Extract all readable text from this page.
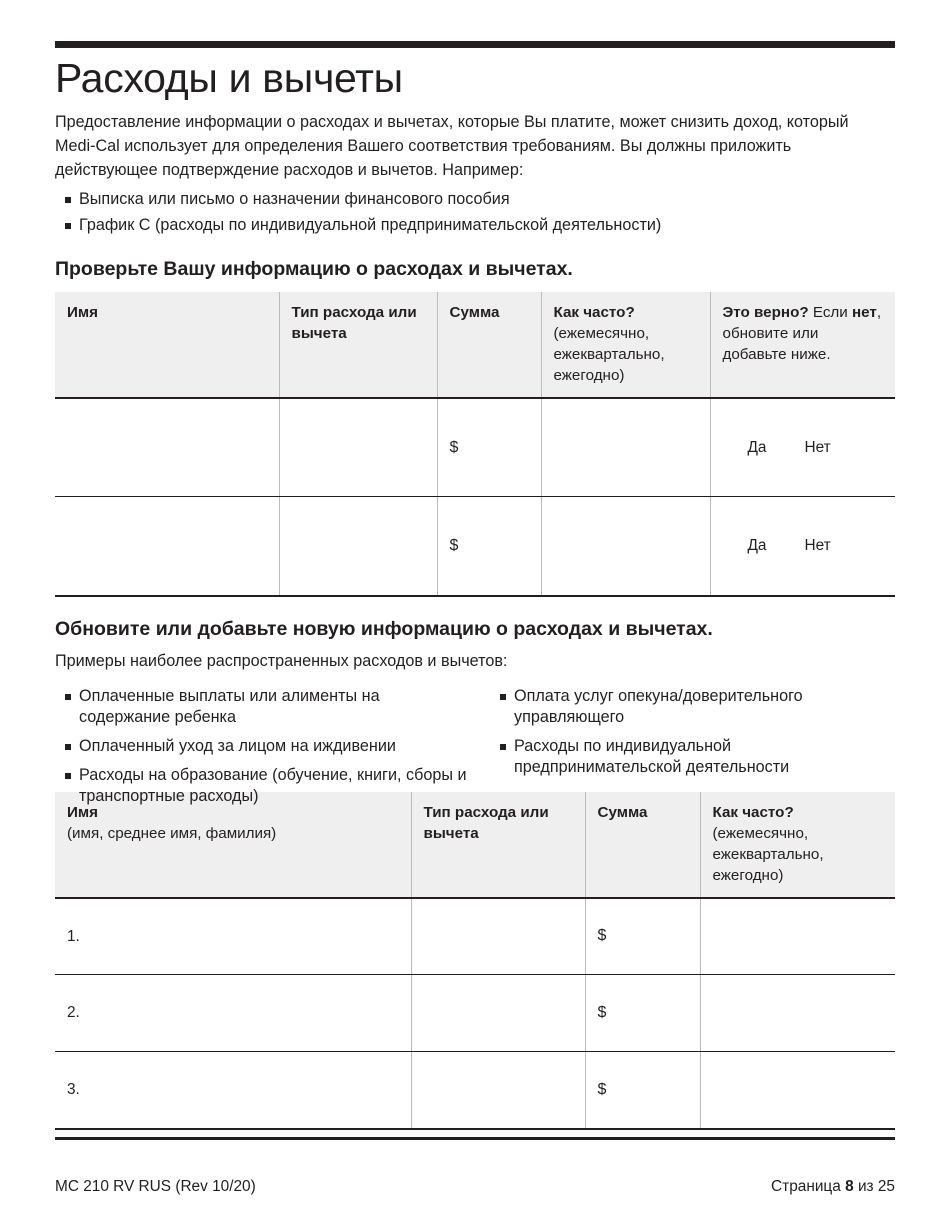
Расходы и вычеты

Предоставление информации о расходах и вычетах, которые Вы платите, может снизить доход, который Medi-Cal использует для определения Вашего соответствия требованиям. Вы должны приложить действующее подтверждение расходов и вычетов. Например:

Выписка или письмо о назначении финансового пособия
График C (расходы по индивидуальной предпринимательской деятельности)
Проверьте Вашу информацию о расходах и вычетах.
Имя	Тип расхода или вычета	Сумма	Как часто?
(ежемесячно, ежеквартально, ежегодно)	Это верно? Если нет, обновите или добавьте ниже.
		$		Да Нет

		$		Да Нет
Обновите или добавьте новую информацию о расходах и вычетах.

Примеры наиболее распространенных расходов и вычетов:

Оплаченные выплаты или алименты на содержание ребенка
Оплаченный уход за лицом на иждивении
Расходы на образование (обучение, книги, сборы и транспортные расходы)
Оплата услуг опекуна/доверительного управляющего
Расходы по индивидуальной предпринимательской деятельности
Имя
(имя, среднее имя, фамилия)	Тип расхода или вычета	Сумма	Как часто?
(ежемесячно, ежеквартально, ежегодно)
1.		$	
2.		$	
3.		$	
MC 210 RV RUS (Rev 10/20)	Страница 8 из 25
